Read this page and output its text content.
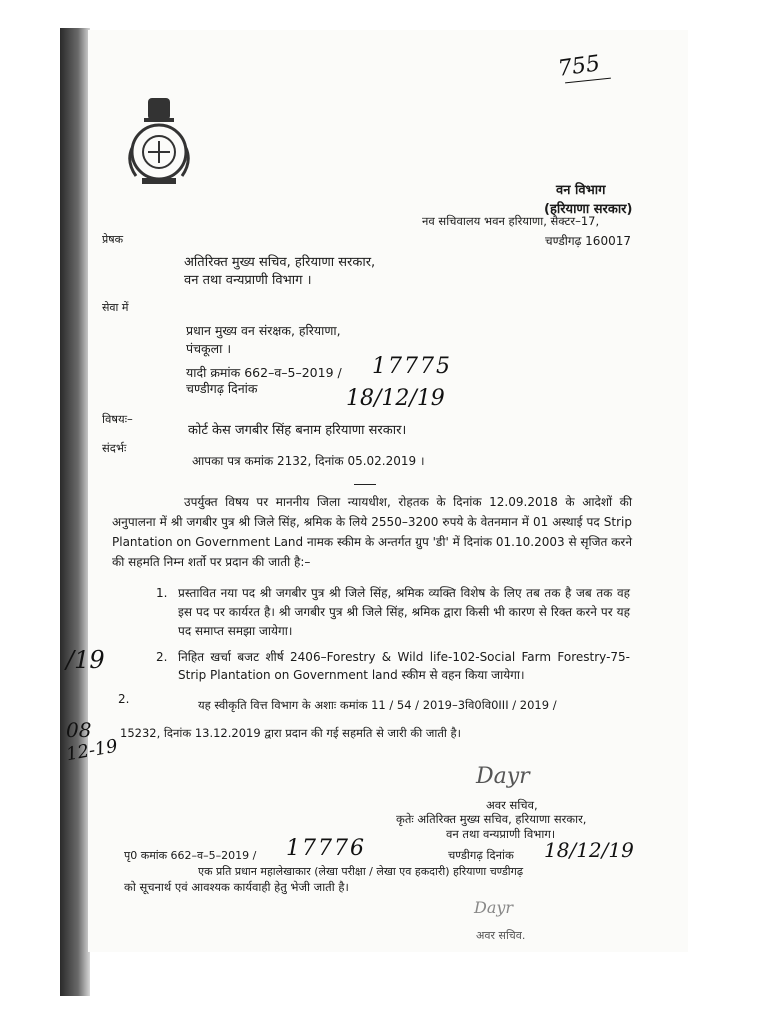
755
वन विभाग
(हरियाणा सरकार)
नव सचिवालय भवन हरियाणा, सैक्टर–17,
चण्डीगढ़ 160017
प्रेषक
अतिरिक्त मुख्य सचिव, हरियाणा सरकार,
वन तथा वन्यप्राणी विभाग ।
सेवा में
प्रधान मुख्य वन संरक्षक, हरियाणा,
पंचकूला ।
यादी क्रमांक 662–व–5–2019 / 17775
चण्डीगढ़ दिनांक	18/12/19
विषयः–
कोर्ट केस जगबीर सिंह बनाम हरियाणा सरकार।
संदर्भः
आपका पत्र कमांक 2132, दिनांक 05.02.2019 ।
उपर्युक्त विषय पर माननीय जिला न्यायधीश, रोहतक के दिनांक 12.09.2018 के आदेशों की अनुपालना में श्री जगबीर पुत्र श्री जिले सिंह, श्रमिक के लिये 2550–3200 रुपये के वेतनमान में 01 अस्थाई पद Strip Plantation on Government Land नामक स्कीम के अन्तर्गत ग्रुप 'डी' में दिनांक 01.10.2003 से सृजित करने की सहमति निम्न शर्तो पर प्रदान की जाती है:–
1. प्रस्तावित नया पद श्री जगबीर पुत्र श्री जिले सिंह, श्रमिक व्यक्ति विशेष के लिए तब तक है जब तक वह इस पद पर कार्यरत है। श्री जगबीर पुत्र श्री जिले सिंह, श्रमिक द्वारा किसी भी कारण से रिक्त करने पर यह पद समाप्त समझा जायेगा।
2. निहित खर्चा बजट शीर्ष 2406–Forestry & Wild life-102-Social Farm Forestry-75-Strip Plantation on Government land स्कीम से वहन किया जायेगा।
2.	यह स्वीकृति वित्त विभाग के अशाः कमांक 11 / 54 / 2019–3वि0वि0III / 2019 /
15232, दिनांक 13.12.2019 द्वारा प्रदान की गई सहमति से जारी की जाती है।
/19
08
12-19
Dayr
अवर सचिव,
कृतेः अतिरिक्त मुख्य सचिव, हरियाणा सरकार,
वन तथा वन्यप्राणी विभाग।
पृ0 कमांक 662–व–5–2019 / 17776	चण्डीगढ़ दिनांक 18/12/19
एक प्रति प्रधान महालेखाकार (लेखा परीक्षा / लेखा एव हकदारी) हरियाणा चण्डीगढ़
को सूचनार्थ एवं आवश्यक कार्यवाही हेतु भेजी जाती है।
Dayr
अवर सचिव.
